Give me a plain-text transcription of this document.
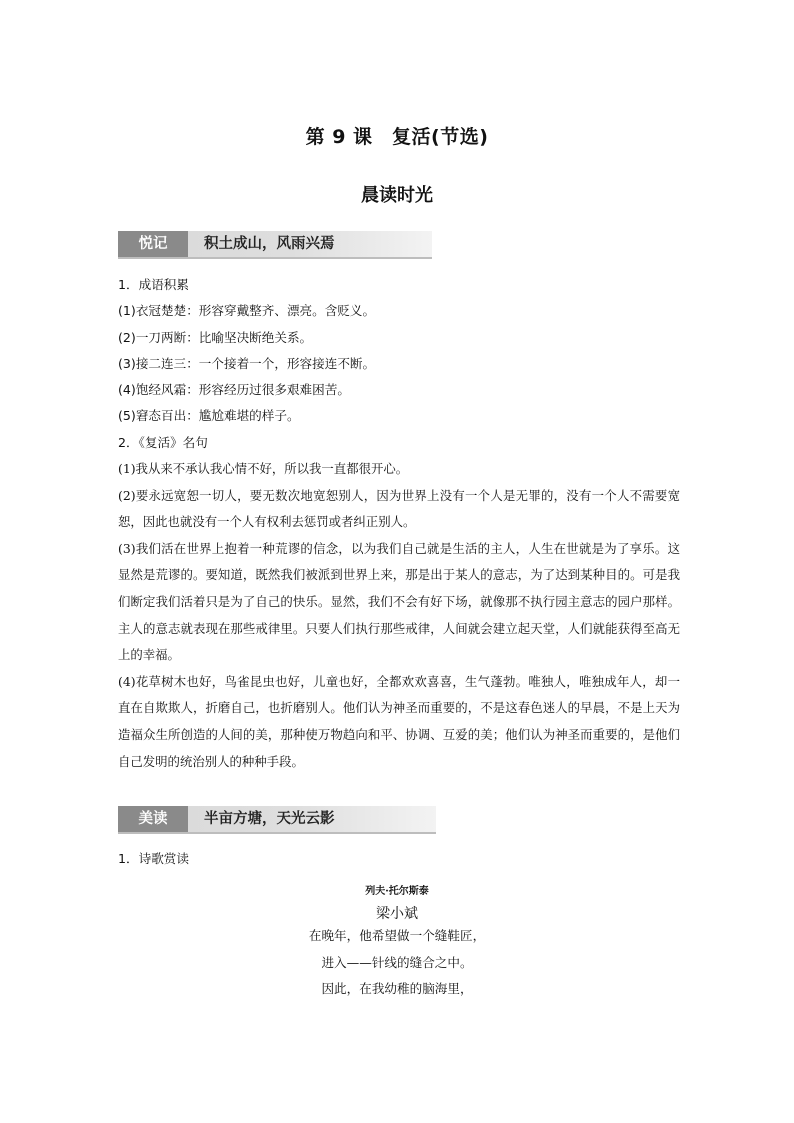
第 9 课　复活(节选)
晨读时光
悦记	积土成山，风雨兴焉

1．成语积累

(1)衣冠楚楚：形容穿戴整齐、漂亮。含贬义。

(2)一刀两断：比喻坚决断绝关系。

(3)接二连三：一个接着一个，形容接连不断。

(4)饱经风霜：形容经历过很多艰难困苦。

(5)窘态百出：尴尬难堪的样子。

2．《复活》名句

(1)我从来不承认我心情不好，所以我一直都很开心。

(2)要永远宽恕一切人，要无数次地宽恕别人，因为世界上没有一个人是无罪的，没有一个人不需要宽恕，因此也就没有一个人有权利去惩罚或者纠正别人。

(3)我们活在世界上抱着一种荒谬的信念，以为我们自己就是生活的主人，人生在世就是为了享乐。这显然是荒谬的。要知道，既然我们被派到世界上来，那是出于某人的意志，为了达到某种目的。可是我们断定我们活着只是为了自己的快乐。显然，我们不会有好下场，就像那不执行园主意志的园户那样。主人的意志就表现在那些戒律里。只要人们执行那些戒律，人间就会建立起天堂，人们就能获得至高无上的幸福。

(4)花草树木也好，鸟雀昆虫也好，儿童也好，全都欢欢喜喜，生气蓬勃。唯独人，唯独成年人，却一直在自欺欺人，折磨自己，也折磨别人。他们认为神圣而重要的，不是这春色迷人的早晨，不是上天为造福众生所创造的人间的美，那种使万物趋向和平、协调、互爱的美；他们认为神圣而重要的，是他们自己发明的统治别人的种种手段。

美读	半亩方塘，天光云影

1．诗歌赏读

列夫·托尔斯泰
梁小斌
在晚年，他希望做一个缝鞋匠，
进入——针线的缝合之中。
因此，在我幼稚的脑海里，
